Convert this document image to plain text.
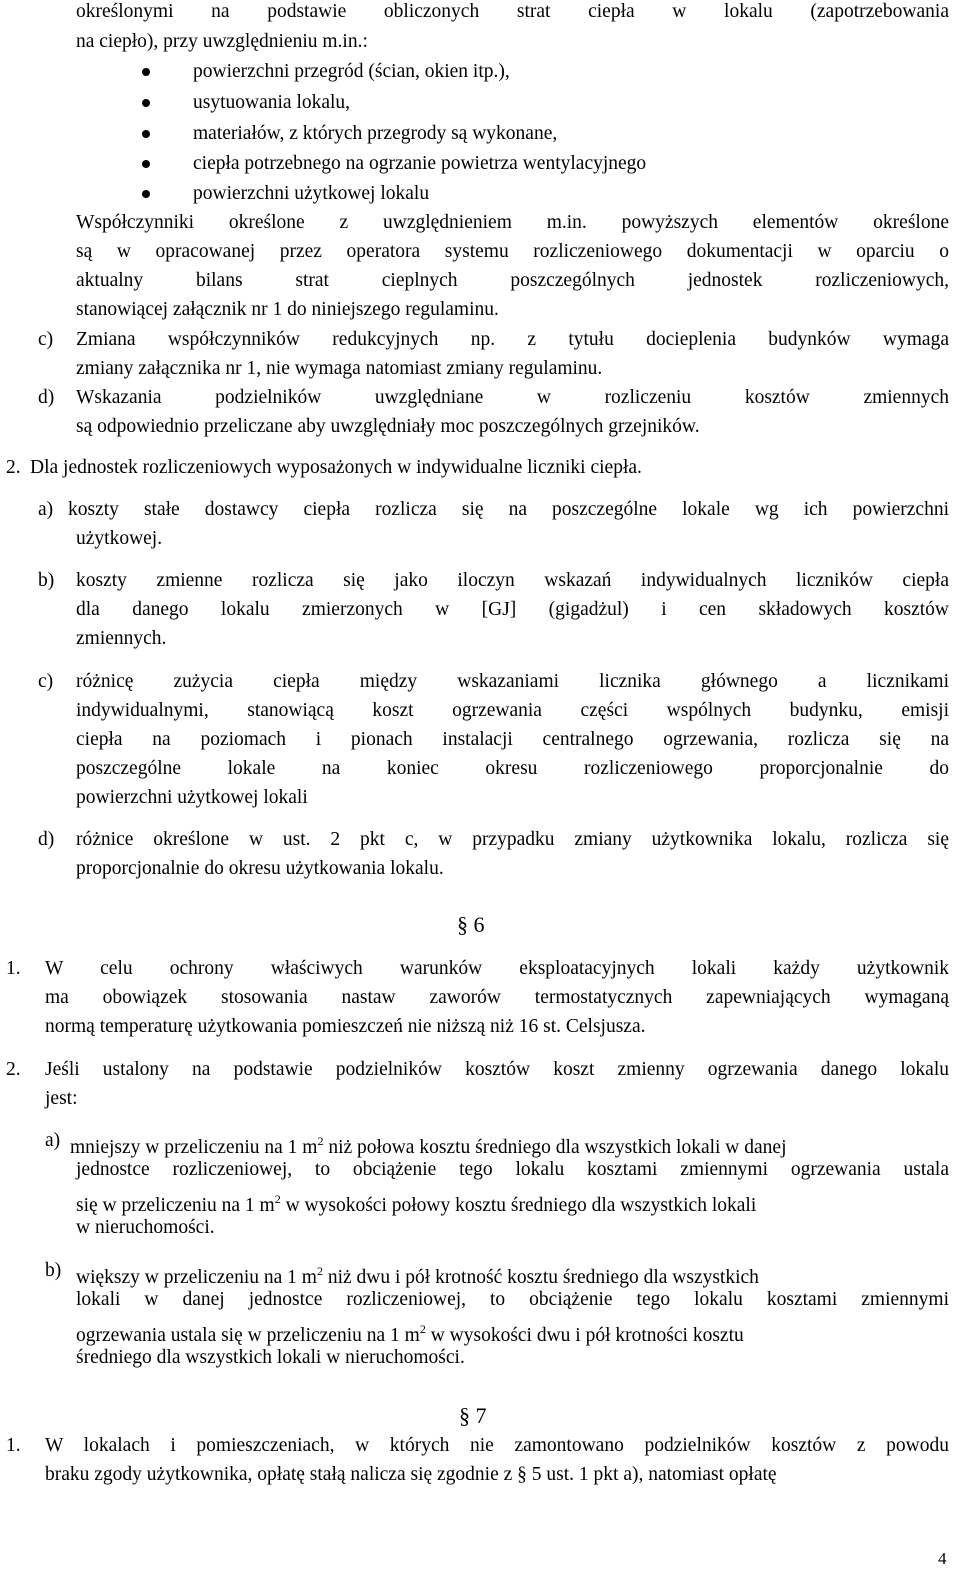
określonymi na podstawie obliczonych strat ciepła w lokalu (zapotrzebowania
na ciepło), przy uwzględnieniu m.in.:
powierzchni przegród (ścian, okien itp.),
usytuowania lokalu,
materiałów, z których przegrody są wykonane,
ciepła potrzebnego na ogrzanie powietrza wentylacyjnego
powierzchni użytkowej lokalu
Współczynniki określone z uwzględnieniem m.in. powyższych elementów określone
są w opracowanej przez operatora systemu rozliczeniowego dokumentacji w oparciu o
aktualny bilans strat cieplnych poszczególnych jednostek rozliczeniowych,
stanowiącej załącznik nr 1 do niniejszego regulaminu.
c) Zmiana współczynników redukcyjnych np. z tytułu docieplenia budynków wymaga
zmiany załącznika nr 1, nie wymaga natomiast zmiany regulaminu.
d) Wskazania podzielników uwzględniane w rozliczeniu kosztów zmiennych
są odpowiednio przeliczane aby uwzględniały moc poszczególnych grzejników.
2. Dla jednostek rozliczeniowych wyposażonych w indywidualne liczniki ciepła.
a) koszty stałe dostawcy ciepła rozlicza się na poszczególne lokale wg ich powierzchni
użytkowej.
b) koszty zmienne rozlicza się jako iloczyn wskazań indywidualnych liczników ciepła
dla danego lokalu zmierzonych w [GJ] (gigadżul) i cen składowych kosztów
zmiennych.
c) różnicę zużycia ciepła między wskazaniami licznika głównego a licznikami
indywidualnymi, stanowiącą koszt ogrzewania części wspólnych budynku, emisji
ciepła na poziomach i pionach instalacji centralnego ogrzewania, rozlicza się na
poszczególne lokale na koniec okresu rozliczeniowego proporcjonalnie do
powierzchni użytkowej lokali
d) różnice określone w ust. 2 pkt c, w przypadku zmiany użytkownika lokalu, rozlicza się
proporcjonalnie do okresu użytkowania lokalu.
§ 6
1. W celu ochrony właściwych warunków eksploatacyjnych lokali każdy użytkownik
ma obowiązek stosowania nastaw zaworów termostatycznych zapewniających wymaganą
normą temperaturę użytkowania pomieszczeń nie niższą niż 16 st. Celsjusza.
2. Jeśli ustalony na podstawie podzielników kosztów koszt zmienny ogrzewania danego lokalu
jest:
a) mniejszy w przeliczeniu na 1 $m^2$ niż połowa kosztu średniego dla wszystkich lokali w danej
jednostce rozliczeniowej, to obciążenie tego lokalu kosztami zmiennymi ogrzewania ustala
się w przeliczeniu na 1 $m^2$ w wysokości połowy kosztu średniego dla wszystkich lokali
w nieruchomości.
b) większy w przeliczeniu na 1 $m^2$ niż dwu i pół krotność kosztu średniego dla wszystkich
lokali w danej jednostce rozliczeniowej, to obciążenie tego lokalu kosztami zmiennymi
ogrzewania ustala się w przeliczeniu na 1 $m^2$ w wysokości dwu i pół krotności kosztu
średniego dla wszystkich lokali w nieruchomości.
§ 7
1. W lokalach i pomieszczeniach, w których nie zamontowano podzielników kosztów z powodu
braku zgody użytkownika, opłatę stałą nalicza się zgodnie z § 5 ust. 1 pkt a), natomiast opłatę
4
